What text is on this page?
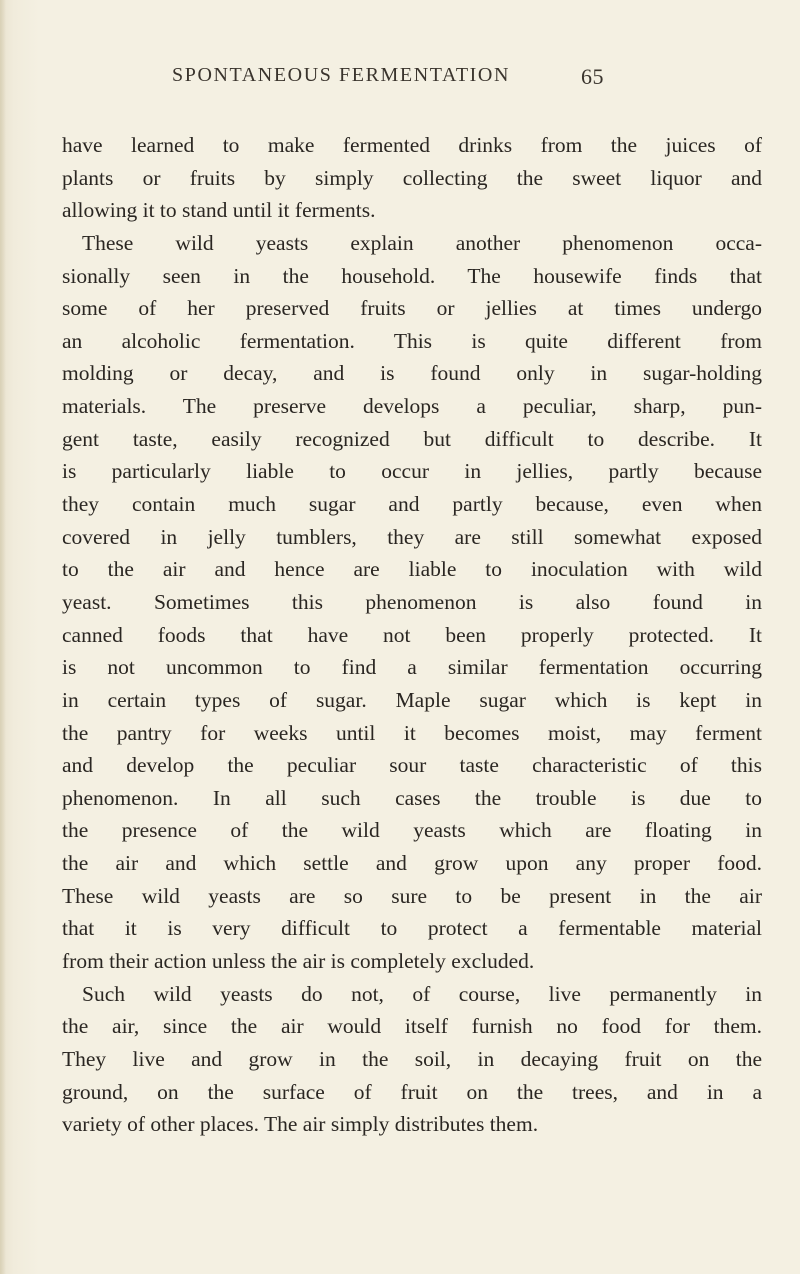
SPONTANEOUS FERMENTATION	65
have learned to make fermented drinks from the juices of
plants or fruits by simply collecting the sweet liquor and
allowing it to stand until it ferments.
These wild yeasts explain another phenomenon occa-
sionally seen in the household. The housewife finds that
some of her preserved fruits or jellies at times undergo
an alcoholic fermentation. This is quite different from
molding or decay, and is found only in sugar-holding
materials. The preserve develops a peculiar, sharp, pun-
gent taste, easily recognized but difficult to describe. It
is particularly liable to occur in jellies, partly because
they contain much sugar and partly because, even when
covered in jelly tumblers, they are still somewhat exposed
to the air and hence are liable to inoculation with wild
yeast. Sometimes this phenomenon is also found in
canned foods that have not been properly protected. It
is not uncommon to find a similar fermentation occurring
in certain types of sugar. Maple sugar which is kept in
the pantry for weeks until it becomes moist, may ferment
and develop the peculiar sour taste characteristic of this
phenomenon. In all such cases the trouble is due to
the presence of the wild yeasts which are floating in
the air and which settle and grow upon any proper food.
These wild yeasts are so sure to be present in the air
that it is very difficult to protect a fermentable material
from their action unless the air is completely excluded.
Such wild yeasts do not, of course, live permanently in
the air, since the air would itself furnish no food for them.
They live and grow in the soil, in decaying fruit on the
ground, on the surface of fruit on the trees, and in a
variety of other places. The air simply distributes them.
